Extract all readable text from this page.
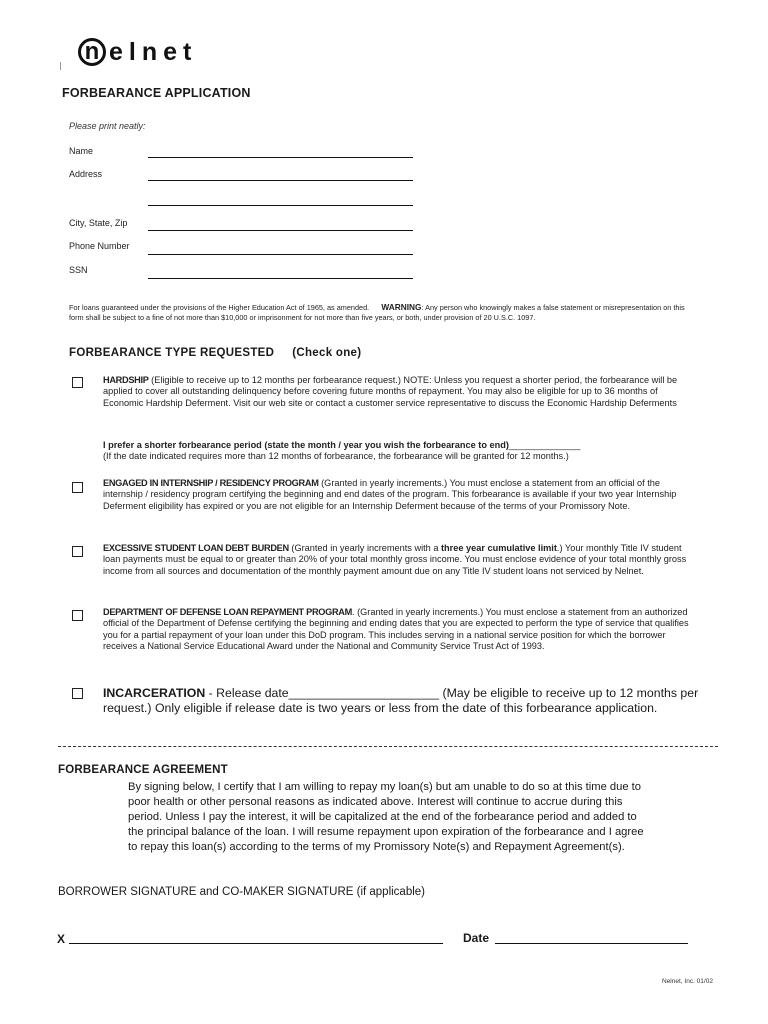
n elnet
FORBEARANCE APPLICATION
Please print neatly:
Name
Address
City, State, Zip
Phone Number
SSN
For loans guaranteed under the provisions of the Higher Education Act of 1965, as amended. WARNING: Any person who knowingly makes a false statement or misrepresentation on this form shall be subject to a fine of not more than $10,000 or imprisonment for not more than five years, or both, under provision of 20 U.S.C. 1097.
FORBEARANCE TYPE REQUESTED (Check one)
HARDSHIP (Eligible to receive up to 12 months per forbearance request.) NOTE: Unless you request a shorter period, the forbearance will be applied to cover all outstanding delinquency before covering future months of repayment. You may also be eligible for up to 36 months of Economic Hardship Deferment. Visit our web site or contact a customer service representative to discuss the Economic Hardship Deferments
I prefer a shorter forbearance period (state the month / year you wish the forbearance to end)______________
(If the date indicated requires more than 12 months of forbearance, the forbearance will be granted for 12 months.)
ENGAGED IN INTERNSHIP / RESIDENCY PROGRAM (Granted in yearly increments.) You must enclose a statement from an official of the internship / residency program certifying the beginning and end dates of the program. This forbearance is available if your two year Internship Deferment eligibility has expired or you are not eligible for an Internship Deferment because of the terms of your Promissory Note.
EXCESSIVE STUDENT LOAN DEBT BURDEN (Granted in yearly increments with a three year cumulative limit.) Your monthly Title IV student loan payments must be equal to or greater than 20% of your total monthly gross income. You must enclose evidence of your total monthly gross income from all sources and documentation of the monthly payment amount due on any Title IV student loans not serviced by Nelnet.
DEPARTMENT OF DEFENSE LOAN REPAYMENT PROGRAM. (Granted in yearly increments.) You must enclose a statement from an authorized official of the Department of Defense certifying the beginning and ending dates that you are expected to perform the type of service that qualifies you for a partial repayment of your loan under this DoD program. This includes serving in a national service position for which the borrower receives a National Service Educational Award under the National and Community Service Trust Act of 1993.
INCARCERATION - Release date______________________ (May be eligible to receive up to 12 months per request.) Only eligible if release date is two years or less from the date of this forbearance application.
FORBEARANCE AGREEMENT
By signing below, I certify that I am willing to repay my loan(s) but am unable to do so at this time due to poor health or other personal reasons as indicated above. Interest will continue to accrue during this period. Unless I pay the interest, it will be capitalized at the end of the forbearance period and added to the principal balance of the loan. I will resume repayment upon expiration of the forbearance and I agree to repay this loan(s) according to the terms of my Promissory Note(s) and Repayment Agreement(s).
BORROWER SIGNATURE and CO-MAKER SIGNATURE (if applicable)
X	Date
Nelnet, Inc. 01/02
